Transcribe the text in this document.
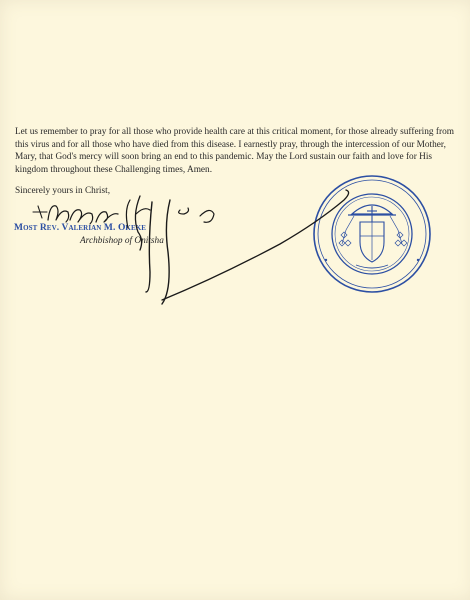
Let us remember to pray for all those who provide health care at this critical moment, for those already suffering from this virus and for all those who have died from this disease. I earnestly pray, through the intercession of our Mother, Mary, that God's mercy will soon bring an end to this pandemic. May the Lord sustain our faith and love for His kingdom throughout these Challenging times, Amen.

Sincerely yours in Christ,

Most Rev. Valerian M. Okeke

Archbishop of Onitsha
